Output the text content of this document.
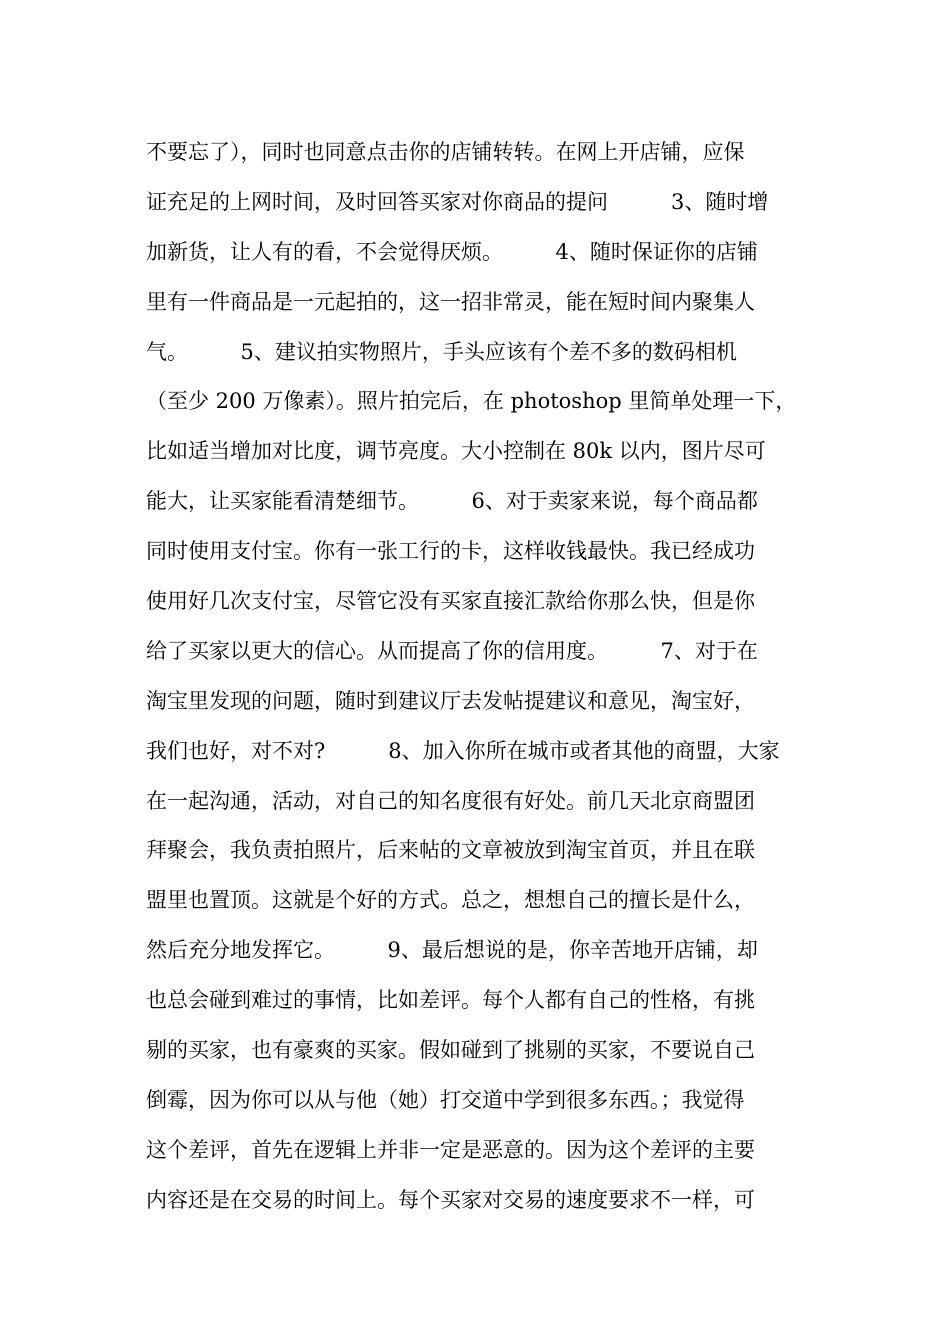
不要忘了），同时也同意点击你的店铺转转。在网上开店铺，应保
证充足的上网时间，及时回答买家对你商品的提问　　　3、随时增
加新货，让人有的看，不会觉得厌烦。　　　4、随时保证你的店铺
里有一件商品是一元起拍的，这一招非常灵，能在短时间内聚集人
气。　　　5、建议拍实物照片，手头应该有个差不多的数码相机
（至少 200 万像素）。照片拍完后，在 photoshop 里简单处理一下，
比如适当增加对比度，调节亮度。大小控制在 80k 以内，图片尽可
能大，让买家能看清楚细节。　　　6、对于卖家来说，每个商品都
同时使用支付宝。你有一张工行的卡，这样收钱最快。我已经成功
使用好几次支付宝，尽管它没有买家直接汇款给你那么快，但是你
给了买家以更大的信心。从而提高了你的信用度。　　　7、对于在
淘宝里发现的问题，随时到建议厅去发帖提建议和意见，淘宝好，
我们也好，对不对?　　　8、加入你所在城市或者其他的商盟，大家
在一起沟通，活动，对自己的知名度很有好处。前几天北京商盟团
拜聚会，我负责拍照片，后来帖的文章被放到淘宝首页，并且在联
盟里也置顶。这就是个好的方式。总之，想想自己的擅长是什么，
然后充分地发挥它。　　　9、最后想说的是，你辛苦地开店铺，却
也总会碰到难过的事情，比如差评。每个人都有自己的性格，有挑
剔的买家，也有豪爽的买家。假如碰到了挑剔的买家，不要说自己
倒霉，因为你可以从与他（她）打交道中学到很多东西。；我觉得
这个差评，首先在逻辑上并非一定是恶意的。因为这个差评的主要
内容还是在交易的时间上。每个买家对交易的速度要求不一样，可
